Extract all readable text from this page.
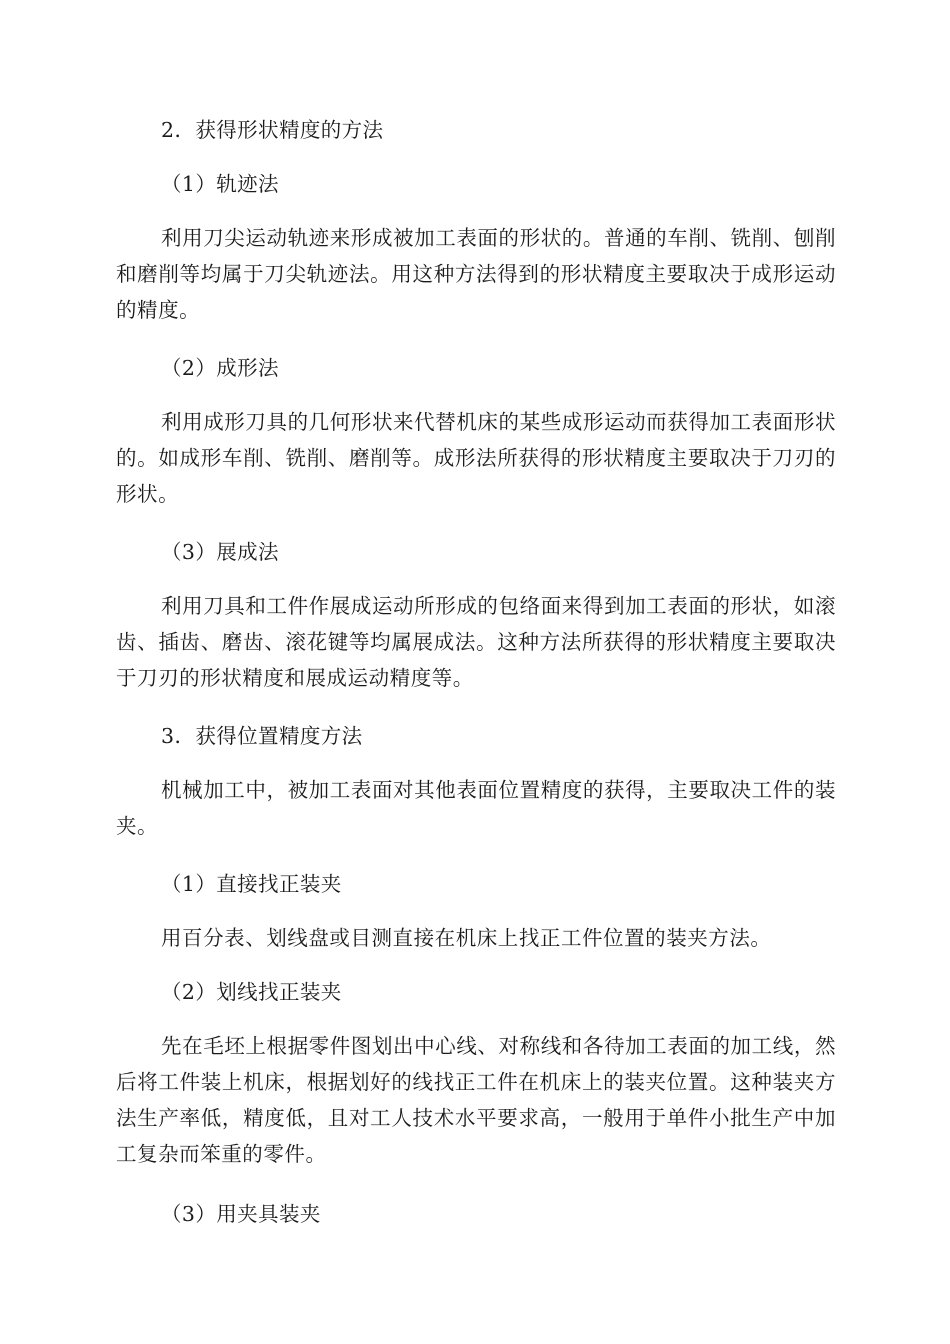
2．获得形状精度的方法
（1）轨迹法

利用刀尖运动轨迹来形成被加工表面的形状的。普通的车削、铣削、刨削和磨削等均属于刀尖轨迹法。用这种方法得到的形状精度主要取决于成形运动的精度。

（2）成形法

利用成形刀具的几何形状来代替机床的某些成形运动而获得加工表面形状的。如成形车削、铣削、磨削等。成形法所获得的形状精度主要取决于刀刃的形状。

（3）展成法

利用刀具和工件作展成运动所形成的包络面来得到加工表面的形状，如滚齿、插齿、磨齿、滚花键等均属展成法。这种方法所获得的形状精度主要取决于刀刃的形状精度和展成运动精度等。

3．获得位置精度方法

机械加工中，被加工表面对其他表面位置精度的获得，主要取决工件的装夹。

（1）直接找正装夹

用百分表、划线盘或目测直接在机床上找正工件位置的装夹方法。

（2）划线找正装夹

先在毛坯上根据零件图划出中心线、对称线和各待加工表面的加工线，然后将工件装上机床，根据划好的线找正工件在机床上的装夹位置。这种装夹方法生产率低，精度低，且对工人技术水平要求高，一般用于单件小批生产中加工复杂而笨重的零件。

（3）用夹具装夹
